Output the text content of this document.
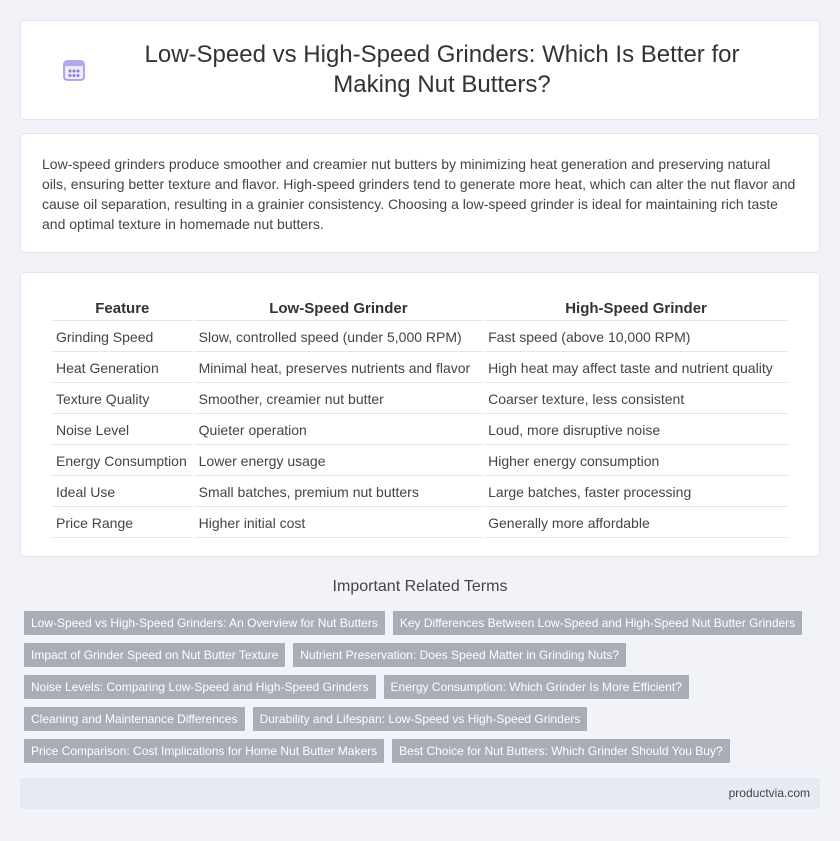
Low-Speed vs High-Speed Grinders: Which Is Better for Making Nut Butters?

Low-speed grinders produce smoother and creamier nut butters by minimizing heat generation and preserving natural oils, ensuring better texture and flavor. High-speed grinders tend to generate more heat, which can alter the nut flavor and cause oil separation, resulting in a grainier consistency. Choosing a low-speed grinder is ideal for maintaining rich taste and optimal texture in homemade nut butters.

Feature	Low-Speed Grinder	High-Speed Grinder
Grinding Speed	Slow, controlled speed (under 5,000 RPM)	Fast speed (above 10,000 RPM)
Heat Generation	Minimal heat, preserves nutrients and flavor	High heat may affect taste and nutrient quality
Texture Quality	Smoother, creamier nut butter	Coarser texture, less consistent
Noise Level	Quieter operation	Loud, more disruptive noise
Energy Consumption	Lower energy usage	Higher energy consumption
Ideal Use	Small batches, premium nut butters	Large batches, faster processing
Price Range	Higher initial cost	Generally more affordable
Important Related Terms
Low-Speed vs High-Speed Grinders: An Overview for Nut Butters	Key Differences Between Low-Speed and High-Speed Nut Butter Grinders
Impact of Grinder Speed on Nut Butter Texture	Nutrient Preservation: Does Speed Matter in Grinding Nuts?
Noise Levels: Comparing Low-Speed and High-Speed Grinders	Energy Consumption: Which Grinder Is More Efficient?
Cleaning and Maintenance Differences	Durability and Lifespan: Low-Speed vs High-Speed Grinders
Price Comparison: Cost Implications for Home Nut Butter Makers	Best Choice for Nut Butters: Which Grinder Should You Buy?
productvia.com
